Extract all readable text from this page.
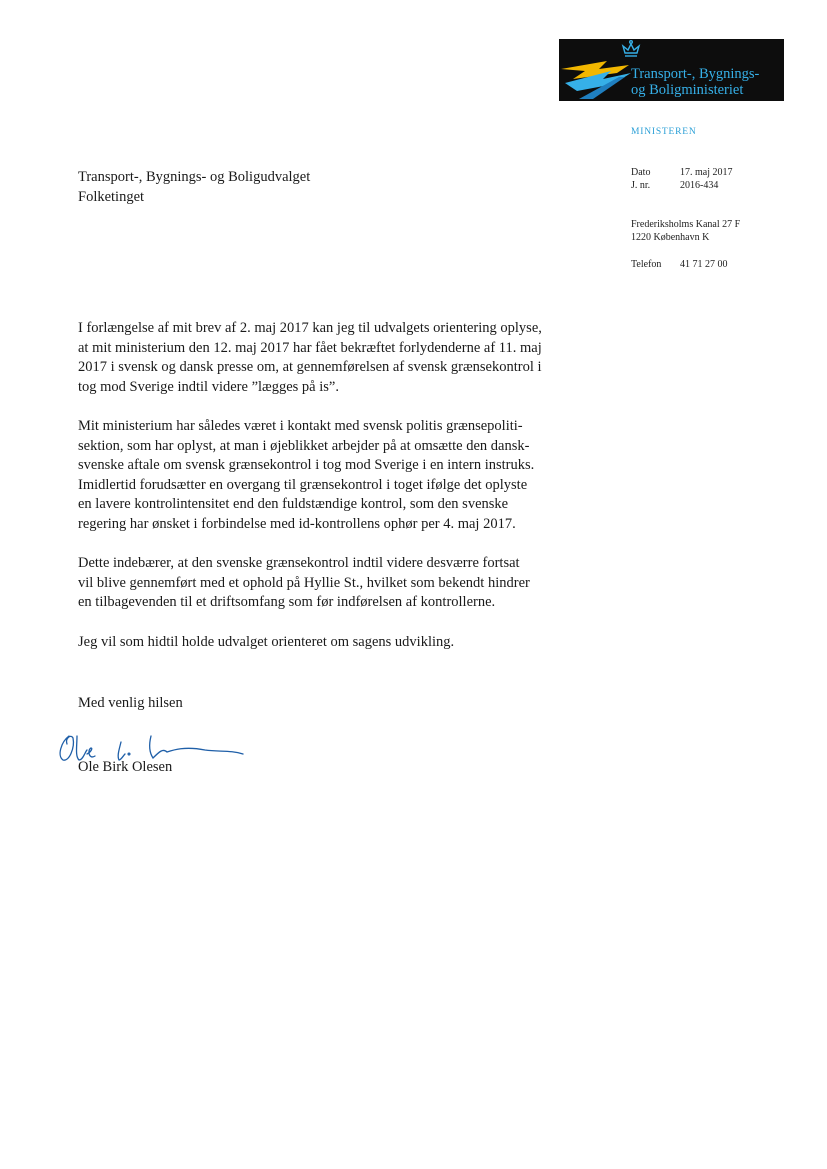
Transport-, Bygnings-
og Boligministeriet
MINISTEREN
Dato	17. maj 2017
J. nr.	2016-434
Frederiksholms Kanal 27 F
1220 København K
Telefon 41 71 27 00
Transport-, Bygnings- og Boligudvalget
Folketinget

I forlængelse af mit brev af 2. maj 2017 kan jeg til udvalgets orientering oplyse,
at mit ministerium den 12. maj 2017 har fået bekræftet forlydenderne af 11. maj
2017 i svensk og dansk presse om, at gennemførelsen af svensk grænsekontrol i
tog mod Sverige indtil videre ”lægges på is”.

Mit ministerium har således været i kontakt med svensk politis grænsepoliti-
sektion, som har oplyst, at man i øjeblikket arbejder på at omsætte den dansk-
svenske aftale om svensk grænsekontrol i tog mod Sverige i en intern instruks.
Imidlertid forudsætter en overgang til grænsekontrol i toget ifølge det oplyste
en lavere kontrolintensitet end den fuldstændige kontrol, som den svenske
regering har ønsket i forbindelse med id-kontrollens ophør per 4. maj 2017.

Dette indebærer, at den svenske grænsekontrol indtil videre desværre fortsat
vil blive gennemført med et ophold på Hyllie St., hvilket som bekendt hindrer
en tilbagevenden til et driftsomfang som før indførelsen af kontrollerne.

Jeg vil som hidtil holde udvalget orienteret om sagens udvikling.

Med venlig hilsen
Ole Birk Olesen
